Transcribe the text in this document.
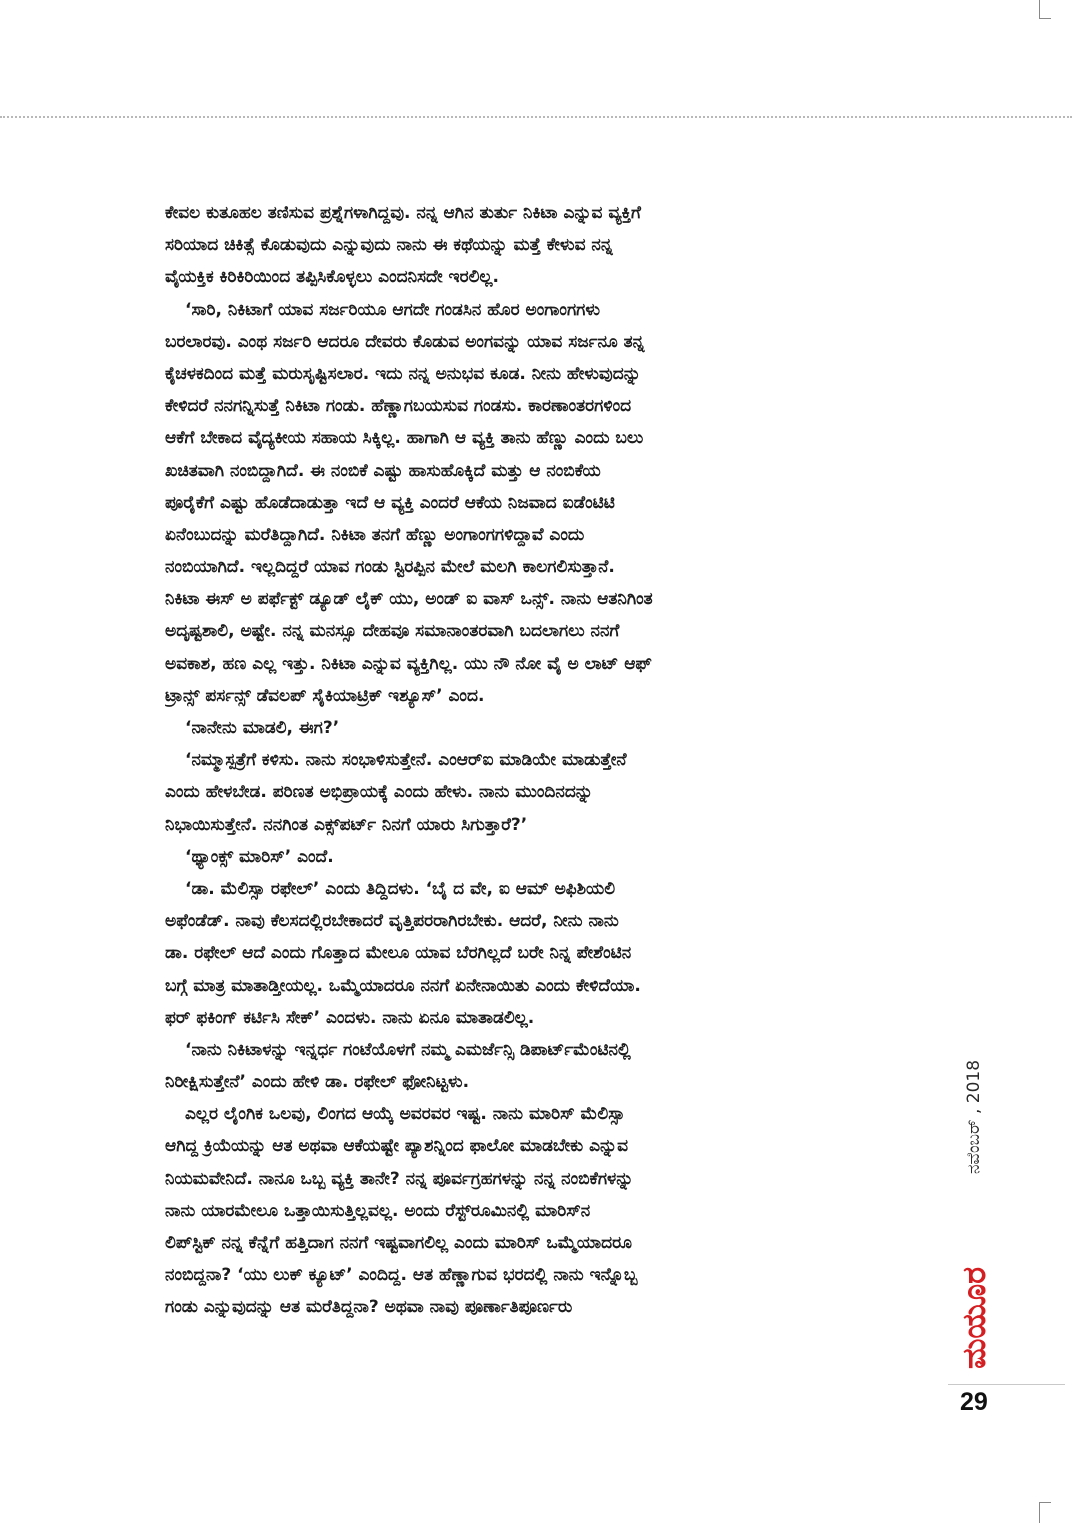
ಕೇವಲ ಕುತೂಹಲ ತಣಿಸುವ ಪ್ರಶ್ನೆಗಳಾಗಿದ್ದವು. ನನ್ನ ಆಗಿನ ತುರ್ತು ನಿಕಿಟಾ ಎನ್ನುವ ವ್ಯಕ್ತಿಗೆ
ಸರಿಯಾದ ಚಿಕಿತ್ಸೆ ಕೊಡುವುದು ಎನ್ನುವುದು ನಾನು ಈ ಕಥೆಯನ್ನು ಮತ್ತೆ ಕೇಳುವ ನನ್ನ
ವೈಯಕ್ತಿಕ ಕಿರಿಕಿರಿಯಿಂದ ತಪ್ಪಿಸಿಕೊಳ್ಳಲು ಎಂದನಿಸದೇ ಇರಲಿಲ್ಲ.
‘ಸಾರಿ, ನಿಕಿಟಾಗೆ ಯಾವ ಸರ್ಜರಿಯೂ ಆಗದೇ ಗಂಡಸಿನ ಹೊರ ಅಂಗಾಂಗಗಳು
ಬರಲಾರವು. ಎಂಥ ಸರ್ಜರಿ ಆದರೂ ದೇವರು ಕೊಡುವ ಅಂಗವನ್ನು ಯಾವ ಸರ್ಜನೂ ತನ್ನ
ಕೈಚಳಕದಿಂದ ಮತ್ತೆ ಮರುಸೃಷ್ಟಿಸಲಾರ. ಇದು ನನ್ನ ಅನುಭವ ಕೂಡ. ನೀನು ಹೇಳುವುದನ್ನು
ಕೇಳಿದರೆ ನನಗನ್ನಿಸುತ್ತೆ ನಿಕಿಟಾ ಗಂಡು. ಹೆಣ್ಣಾಗಬಯಸುವ ಗಂಡಸು. ಕಾರಣಾಂತರಗಳಿಂದ
ಆಕೆಗೆ ಬೇಕಾದ ವೈದ್ಯಕೀಯ ಸಹಾಯ ಸಿಕ್ಕಿಲ್ಲ. ಹಾಗಾಗಿ ಆ ವ್ಯಕ್ತಿ ತಾನು ಹೆಣ್ಣು ಎಂದು ಬಲು
ಖಚಿತವಾಗಿ ನಂಬಿದ್ದಾಗಿದೆ. ಈ ನಂಬಿಕೆ ಎಷ್ಟು ಹಾಸುಹೊಕ್ಕಿದೆ ಮತ್ತು ಆ ನಂಬಿಕೆಯ
ಪೂರೈಕೆಗೆ ಎಷ್ಟು ಹೊಡೆದಾಡುತ್ತಾ ಇದೆ ಆ ವ್ಯಕ್ತಿ ಎಂದರೆ ಆಕೆಯ ನಿಜವಾದ ಐಡೆಂಟಿಟಿ
ಏನೆಂಬುದನ್ನು ಮರೆತಿದ್ದಾಗಿದೆ. ನಿಕಿಟಾ ತನಗೆ ಹೆಣ್ಣು ಅಂಗಾಂಗಗಳಿದ್ದಾವೆ ಎಂದು
ನಂಬಿಯಾಗಿದೆ. ಇಲ್ಲದಿದ್ದರೆ ಯಾವ ಗಂಡು ಸ್ಟಿರಪ್ಪಿನ ಮೇಲೆ ಮಲಗಿ ಕಾಲಗಲಿಸುತ್ತಾನೆ.
ನಿಕಿಟಾ ಈಸ್ ಅ ಪರ್ಫೆಕ್ಟ್ ಡ್ಯೂಡ್ ಲೈಕ್ ಯು, ಅಂಡ್ ಐ ವಾಸ್ ಒನ್ಸ್. ನಾನು ಆತನಿಗಿಂತ
ಅದೃಷ್ಟಶಾಲಿ, ಅಷ್ಟೇ. ನನ್ನ ಮನಸ್ಸೂ ದೇಹವೂ ಸಮಾನಾಂತರವಾಗಿ ಬದಲಾಗಲು ನನಗೆ
ಅವಕಾಶ, ಹಣ ಎಲ್ಲ ಇತ್ತು. ನಿಕಿಟಾ ಎನ್ನುವ ವ್ಯಕ್ತಿಗಿಲ್ಲ. ಯು ನೌ ನೋ ವೈ ಅ ಲಾಟ್ ಆಫ್
ಟ್ರಾನ್ಸ್ ಪರ್ಸನ್ಸ್ ಡೆವಲಪ್ ಸೈಕಿಯಾಟ್ರಿಕ್ ಇಶ್ಯೂಸ್’ ಎಂದ.
‘ನಾನೇನು ಮಾಡಲಿ, ಈಗ?’
‘ನಮ್ಮಾಸ್ಪತ್ರೆಗೆ ಕಳಿಸು. ನಾನು ಸಂಭಾಳಿಸುತ್ತೇನೆ. ಎಂಆರ್‌ಐ ಮಾಡಿಯೇ ಮಾಡುತ್ತೇನೆ
ಎಂದು ಹೇಳಬೇಡ. ಪರಿಣತ ಅಭಿಪ್ರಾಯಕ್ಕೆ ಎಂದು ಹೇಳು. ನಾನು ಮುಂದಿನದನ್ನು
ನಿಭಾಯಿಸುತ್ತೇನೆ. ನನಗಿಂತ ಎಕ್ಸ್‌ಪರ್ಟ್ ನಿನಗೆ ಯಾರು ಸಿಗುತ್ತಾರೆ?’
‘ಥ್ಯಾಂಕ್ಸ್ ಮಾರಿಸ್’ ಎಂದೆ.
‘ಡಾ. ಮೆಲಿಸ್ಸಾ ರಫೇಲ್’ ಎಂದು ತಿದ್ದಿದಳು. ‘ಬೈ ದ ವೇ, ಐ ಆಮ್ ಅಫಿಶಿಯಲಿ
ಅಫೆಂಡೆಡ್. ನಾವು ಕೆಲಸದಲ್ಲಿರಬೇಕಾದರೆ ವೃತ್ತಿಪರರಾಗಿರಬೇಕು. ಆದರೆ, ನೀನು ನಾನು
ಡಾ. ರಫೇಲ್ ಆದೆ ಎಂದು ಗೊತ್ತಾದ ಮೇಲೂ ಯಾವ ಬೆರಗಿಲ್ಲದೆ ಬರೇ ನಿನ್ನ ಪೇಶೆಂಟಿನ
ಬಗ್ಗೆ ಮಾತ್ರ ಮಾತಾಡ್ತೀಯಲ್ಲ. ಒಮ್ಮೆಯಾದರೂ ನನಗೆ ಏನೇನಾಯಿತು ಎಂದು ಕೇಳಿದೆಯಾ.
ಫರ್ ಫಕಿಂಗ್ ಕರ್ಟಿಸಿ ಸೇಕ್’ ಎಂದಳು. ನಾನು ಏನೂ ಮಾತಾಡಲಿಲ್ಲ.
‘ನಾನು ನಿಕಿಟಾಳನ್ನು ಇನ್ನರ್ಧ ಗಂಟೆಯೊಳಗೆ ನಮ್ಮ ಎಮರ್ಜೆನ್ಸಿ ಡಿಪಾರ್ಟ್‌ಮೆಂಟಿನಲ್ಲಿ
ನಿರೀಕ್ಷಿಸುತ್ತೇನೆ’ ಎಂದು ಹೇಳಿ ಡಾ. ರಫೇಲ್ ಫೋನಿಟ್ಟಳು.
ಎಲ್ಲರ ಲೈಂಗಿಕ ಒಲವು, ಲಿಂಗದ ಆಯ್ಕೆ ಅವರವರ ಇಷ್ಟ. ನಾನು ಮಾರಿಸ್ ಮೆಲಿಸ್ಸಾ
ಆಗಿದ್ದ ಕ್ರಿಯೆಯನ್ನು ಆತ ಅಥವಾ ಆಕೆಯಷ್ಟೇ ಪ್ಯಾಶನ್ನಿಂದ ಫಾಲೋ ಮಾಡಬೇಕು ಎನ್ನುವ
ನಿಯಮವೇನಿದೆ. ನಾನೂ ಒಬ್ಬ ವ್ಯಕ್ತಿ ತಾನೇ? ನನ್ನ ಪೂರ್ವಗ್ರಹಗಳನ್ನು ನನ್ನ ನಂಬಿಕೆಗಳನ್ನು
ನಾನು ಯಾರಮೇಲೂ ಒತ್ತಾಯಿಸುತ್ತಿಲ್ಲವಲ್ಲ. ಅಂದು ರೆಸ್ಟ್‌ರೂಮಿನಲ್ಲಿ ಮಾರಿಸ್‌ನ
ಲಿಪ್‌ಸ್ಟಿಕ್ ನನ್ನ ಕೆನ್ನೆಗೆ ಹತ್ತಿದಾಗ ನನಗೆ ಇಷ್ಟವಾಗಲಿಲ್ಲ ಎಂದು ಮಾರಿಸ್ ಒಮ್ಮೆಯಾದರೂ
ನಂಬಿದ್ದನಾ? ‘ಯು ಲುಕ್ ಕ್ಯೂಟ್’ ಎಂದಿದ್ದ. ಆತ ಹೆಣ್ಣಾಗುವ ಭರದಲ್ಲಿ ನಾನು ಇನ್ನೊಬ್ಬ
ಗಂಡು ಎನ್ನುವುದನ್ನು ಆತ ಮರೆತಿದ್ದನಾ? ಅಥವಾ ನಾವು ಪೂರ್ಣಾತಿಪೂರ್ಣರು
ನವೆಂಬರ್ , 2018
ಮಯೂರ
29
